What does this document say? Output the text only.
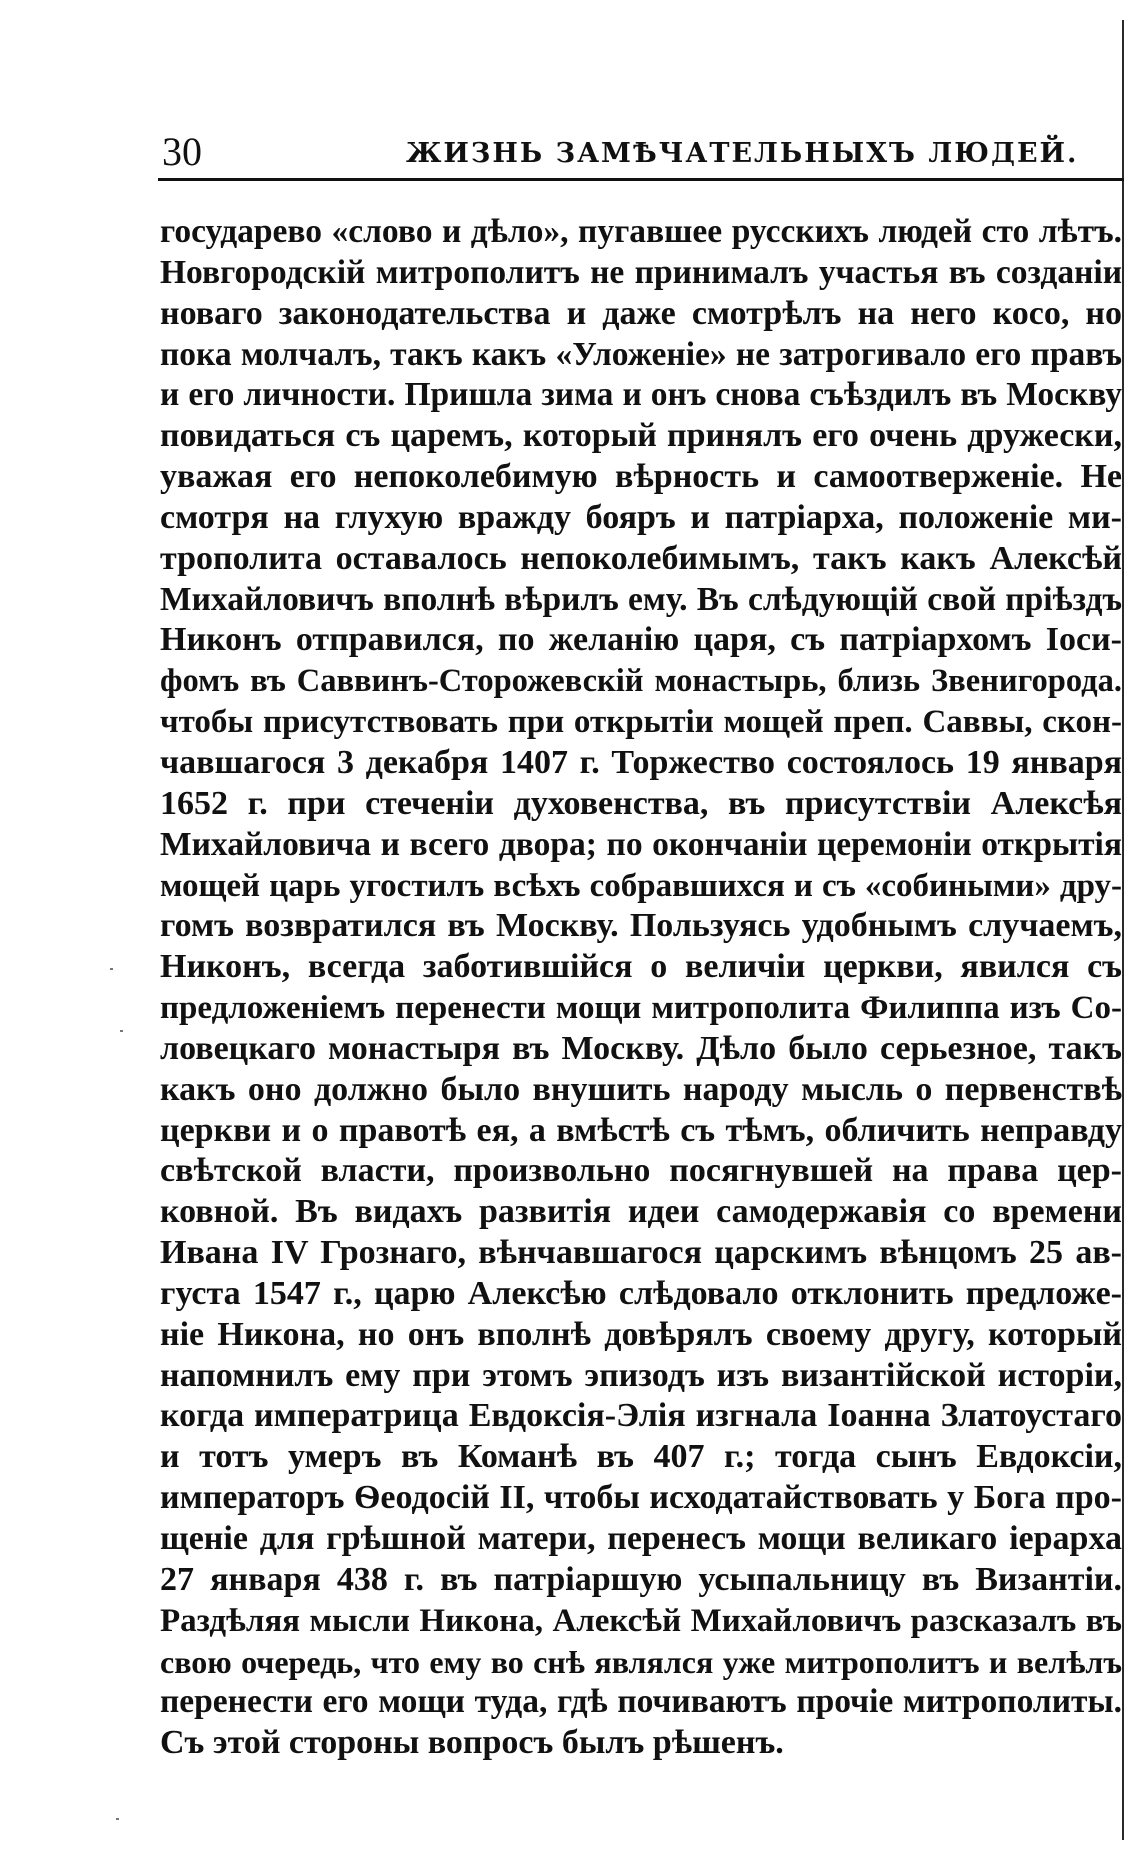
30	ЖИЗНЬ ЗАМѢЧАТЕЛЬНЫХЪ ЛЮДЕЙ.
государево «слово и дѣло», пугавшее русскихъ людей сто лѣтъ.
Новгородскій митрополитъ не принималъ участья въ созданіи
новаго законодательства и даже смотрѣлъ на него косо, но
пока молчалъ, такъ какъ «Уложеніе» не затрогивало его правъ
и его личности. Пришла зима и онъ снова съѣздилъ въ Москву
повидаться съ царемъ, который принялъ его очень дружески,
уважая его непоколебимую вѣрность и самоотверженіе. Не
смотря на глухую вражду бояръ и патріарха, положеніе ми-
трополита оставалось непоколебимымъ, такъ какъ Алексѣй
Михайловичъ вполнѣ вѣрилъ ему. Въ слѣдующій свой пріѣздъ
Никонъ отправился, по желанію царя, съ патріархомъ Іоси-
фомъ въ Саввинъ-Сторожевскій монастырь, близь Звенигорода.
чтобы присутствовать при открытіи мощей преп. Саввы, скон-
чавшагося 3 декабря 1407 г. Торжество состоялось 19 января
1652 г. при стеченіи духовенства, въ присутствіи Алексѣя
Михайловича и всего двора; по окончаніи церемоніи открытія
мощей царь угостилъ всѣхъ собравшихся и съ «собиными» дру-
гомъ возвратился въ Москву. Пользуясь удобнымъ случаемъ,
Никонъ, всегда заботившійся о величіи церкви, явился съ
предложеніемъ перенести мощи митрополита Филиппа изъ Со-
ловецкаго монастыря въ Москву. Дѣло было серьезное, такъ
какъ оно должно было внушить народу мысль о первенствѣ
церкви и о правотѣ ея, а вмѣстѣ съ тѣмъ, обличить неправду
свѣтской власти, произвольно посягнувшей на права цер-
ковной. Въ видахъ развитія идеи самодержавія со времени
Ивана IV Грознаго, вѣнчавшагося царскимъ вѣнцомъ 25 ав-
густа 1547 г., царю Алексѣю слѣдовало отклонить предложе-
ніе Никона, но онъ вполнѣ довѣрялъ своему другу, который
напомнилъ ему при этомъ эпизодъ изъ византійской исторіи,
когда императрица Евдоксія-Элія изгнала Іоанна Златоустаго
и тотъ умеръ въ Команѣ въ 407 г.; тогда сынъ Евдоксіи,
императоръ Ѳеодосій II, чтобы исходатайствовать у Бога про-
щеніе для грѣшной матери, перенесъ мощи великаго іерарха
27 января 438 г. въ патріаршую усыпальницу въ Византіи.
Раздѣляя мысли Никона, Алексѣй Михайловичъ разсказалъ въ
свою очередь, что ему во снѣ являлся уже митрополитъ и велѣлъ
перенести его мощи туда, гдѣ почиваютъ прочіе митрополиты.
Съ этой стороны вопросъ былъ рѣшенъ.
